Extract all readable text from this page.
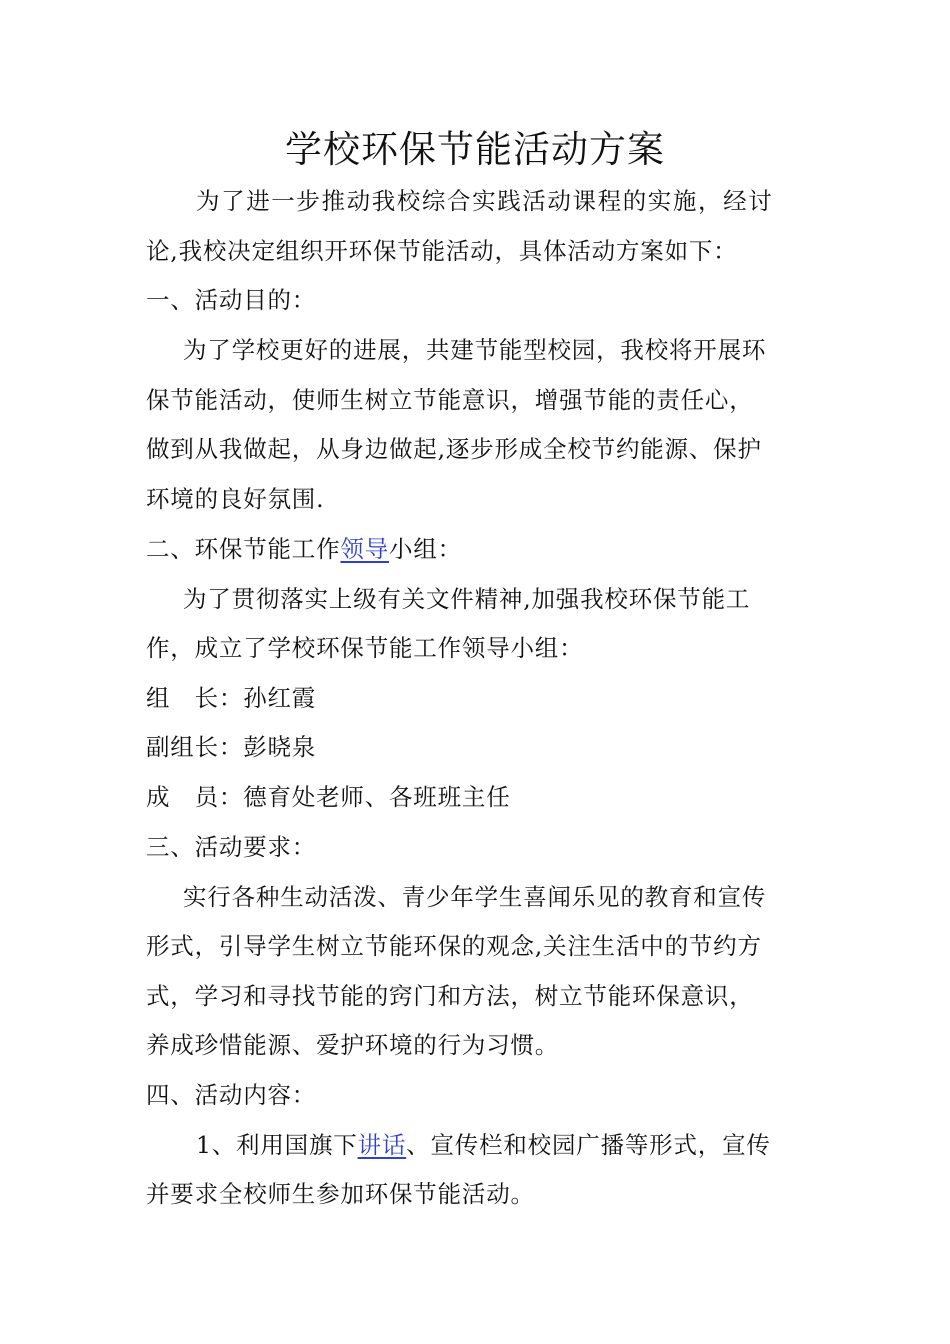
学校环保节能活动方案
为了进一步推动我校综合实践活动课程的实施，经讨
论,我校决定组织开环保节能活动，具体活动方案如下：
一、活动目的：
为了学校更好的进展，共建节能型校园，我校将开展环
保节能活动，使师生树立节能意识，增强节能的责任心，
做到从我做起，从身边做起,逐步形成全校节约能源、保护
环境的良好氛围.
二、环保节能工作领导小组：
为了贯彻落实上级有关文件精神,加强我校环保节能工
作，成立了学校环保节能工作领导小组：
组　长：孙红霞
副组长：彭晓泉
成　员：德育处老师、各班班主任
三、活动要求：
实行各种生动活泼、青少年学生喜闻乐见的教育和宣传
形式，引导学生树立节能环保的观念,关注生活中的节约方
式，学习和寻找节能的窍门和方法，树立节能环保意识，
养成珍惜能源、爱护环境的行为习惯。
四、活动内容：
1、利用国旗下讲话、宣传栏和校园广播等形式，宣传
并要求全校师生参加环保节能活动。
